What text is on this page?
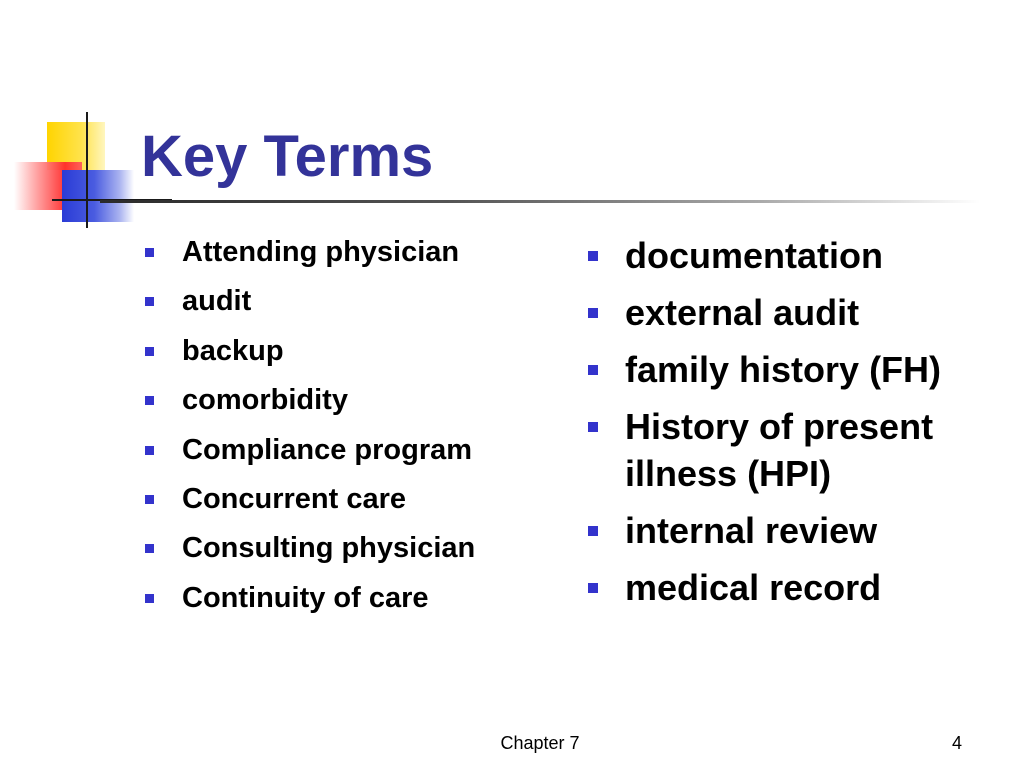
Key Terms
Attending physician
audit
backup
comorbidity
Compliance program
Concurrent care
Consulting physician
Continuity of care
documentation
external audit
family history (FH)
History of present illness (HPI)
internal review
medical record
Chapter 7	4
